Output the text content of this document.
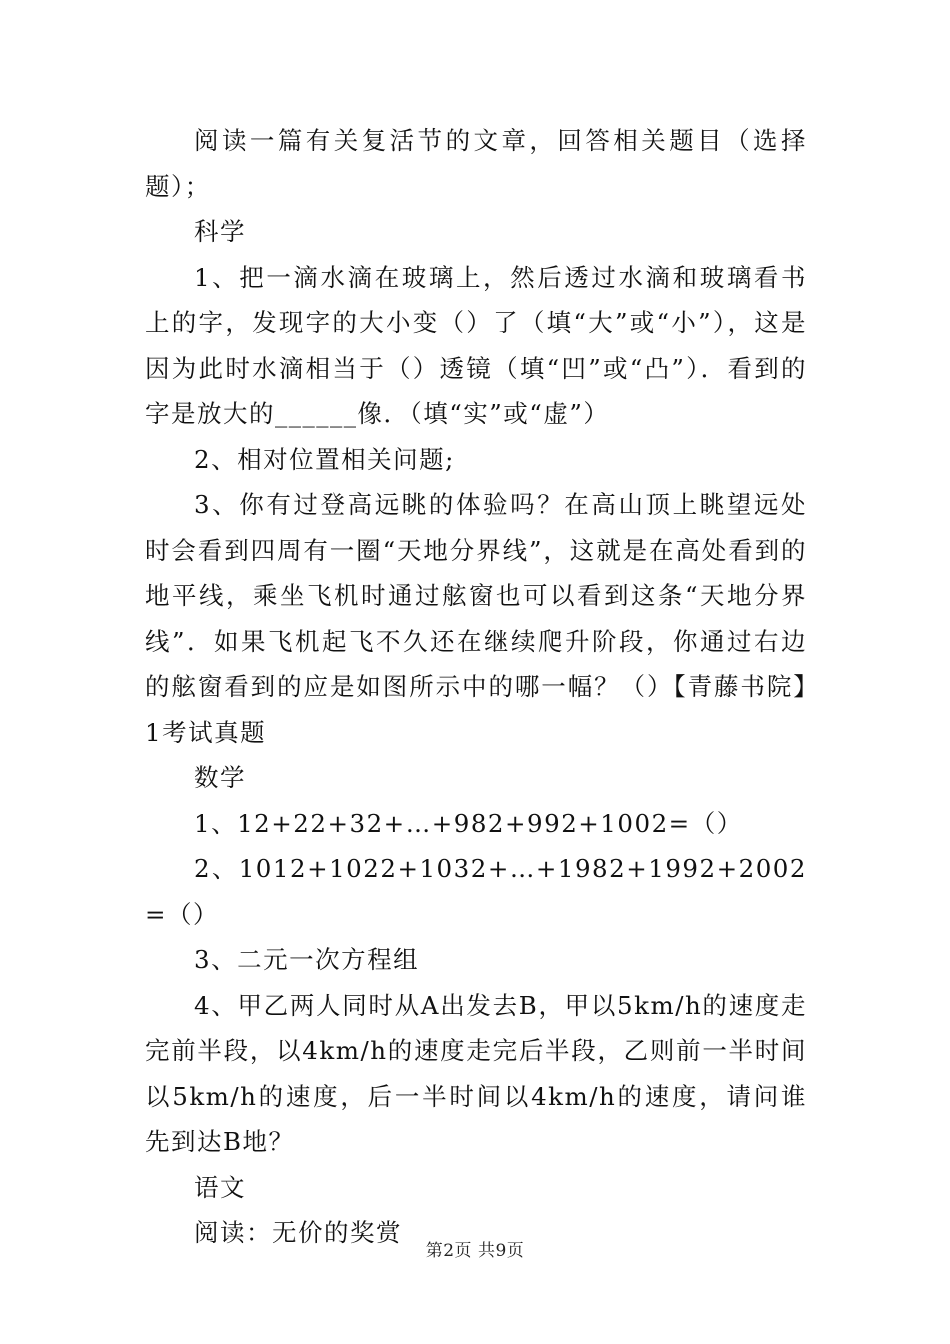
阅读一篇有关复活节的文章，回答相关题目（选择题）；

科学

1、把一滴水滴在玻璃上，然后透过水滴和玻璃看书上的字，发现字的大小变（）了（填“大”或“小”），这是因为此时水滴相当于（）透镜（填“凹”或“凸”）．看到的字是放大的______像．（填“实”或“虚”）

2、相对位置相关问题;

3、你有过登高远眺的体验吗？在高山顶上眺望远处时会看到四周有一圈“天地分界线”，这就是在高处看到的地平线，乘坐飞机时通过舷窗也可以看到这条“天地分界线”．如果飞机起飞不久还在继续爬升阶段，你通过右边的舷窗看到的应是如图所示中的哪一幅？（）【青藤书院】1考试真题

数学

1、12+22+32+…+982+992+1002=（）

2、1012+1022+1032+…+1982+1992+2002=（）

3、二元一次方程组

4、甲乙两人同时从A出发去B，甲以5km/h的速度走完前半段，以4km/h的速度走完后半段，乙则前一半时间以5km/h的速度，后一半时间以4km/h的速度，请问谁先到达B地？

语文

阅读：无价的奖赏

第2页 共9页
